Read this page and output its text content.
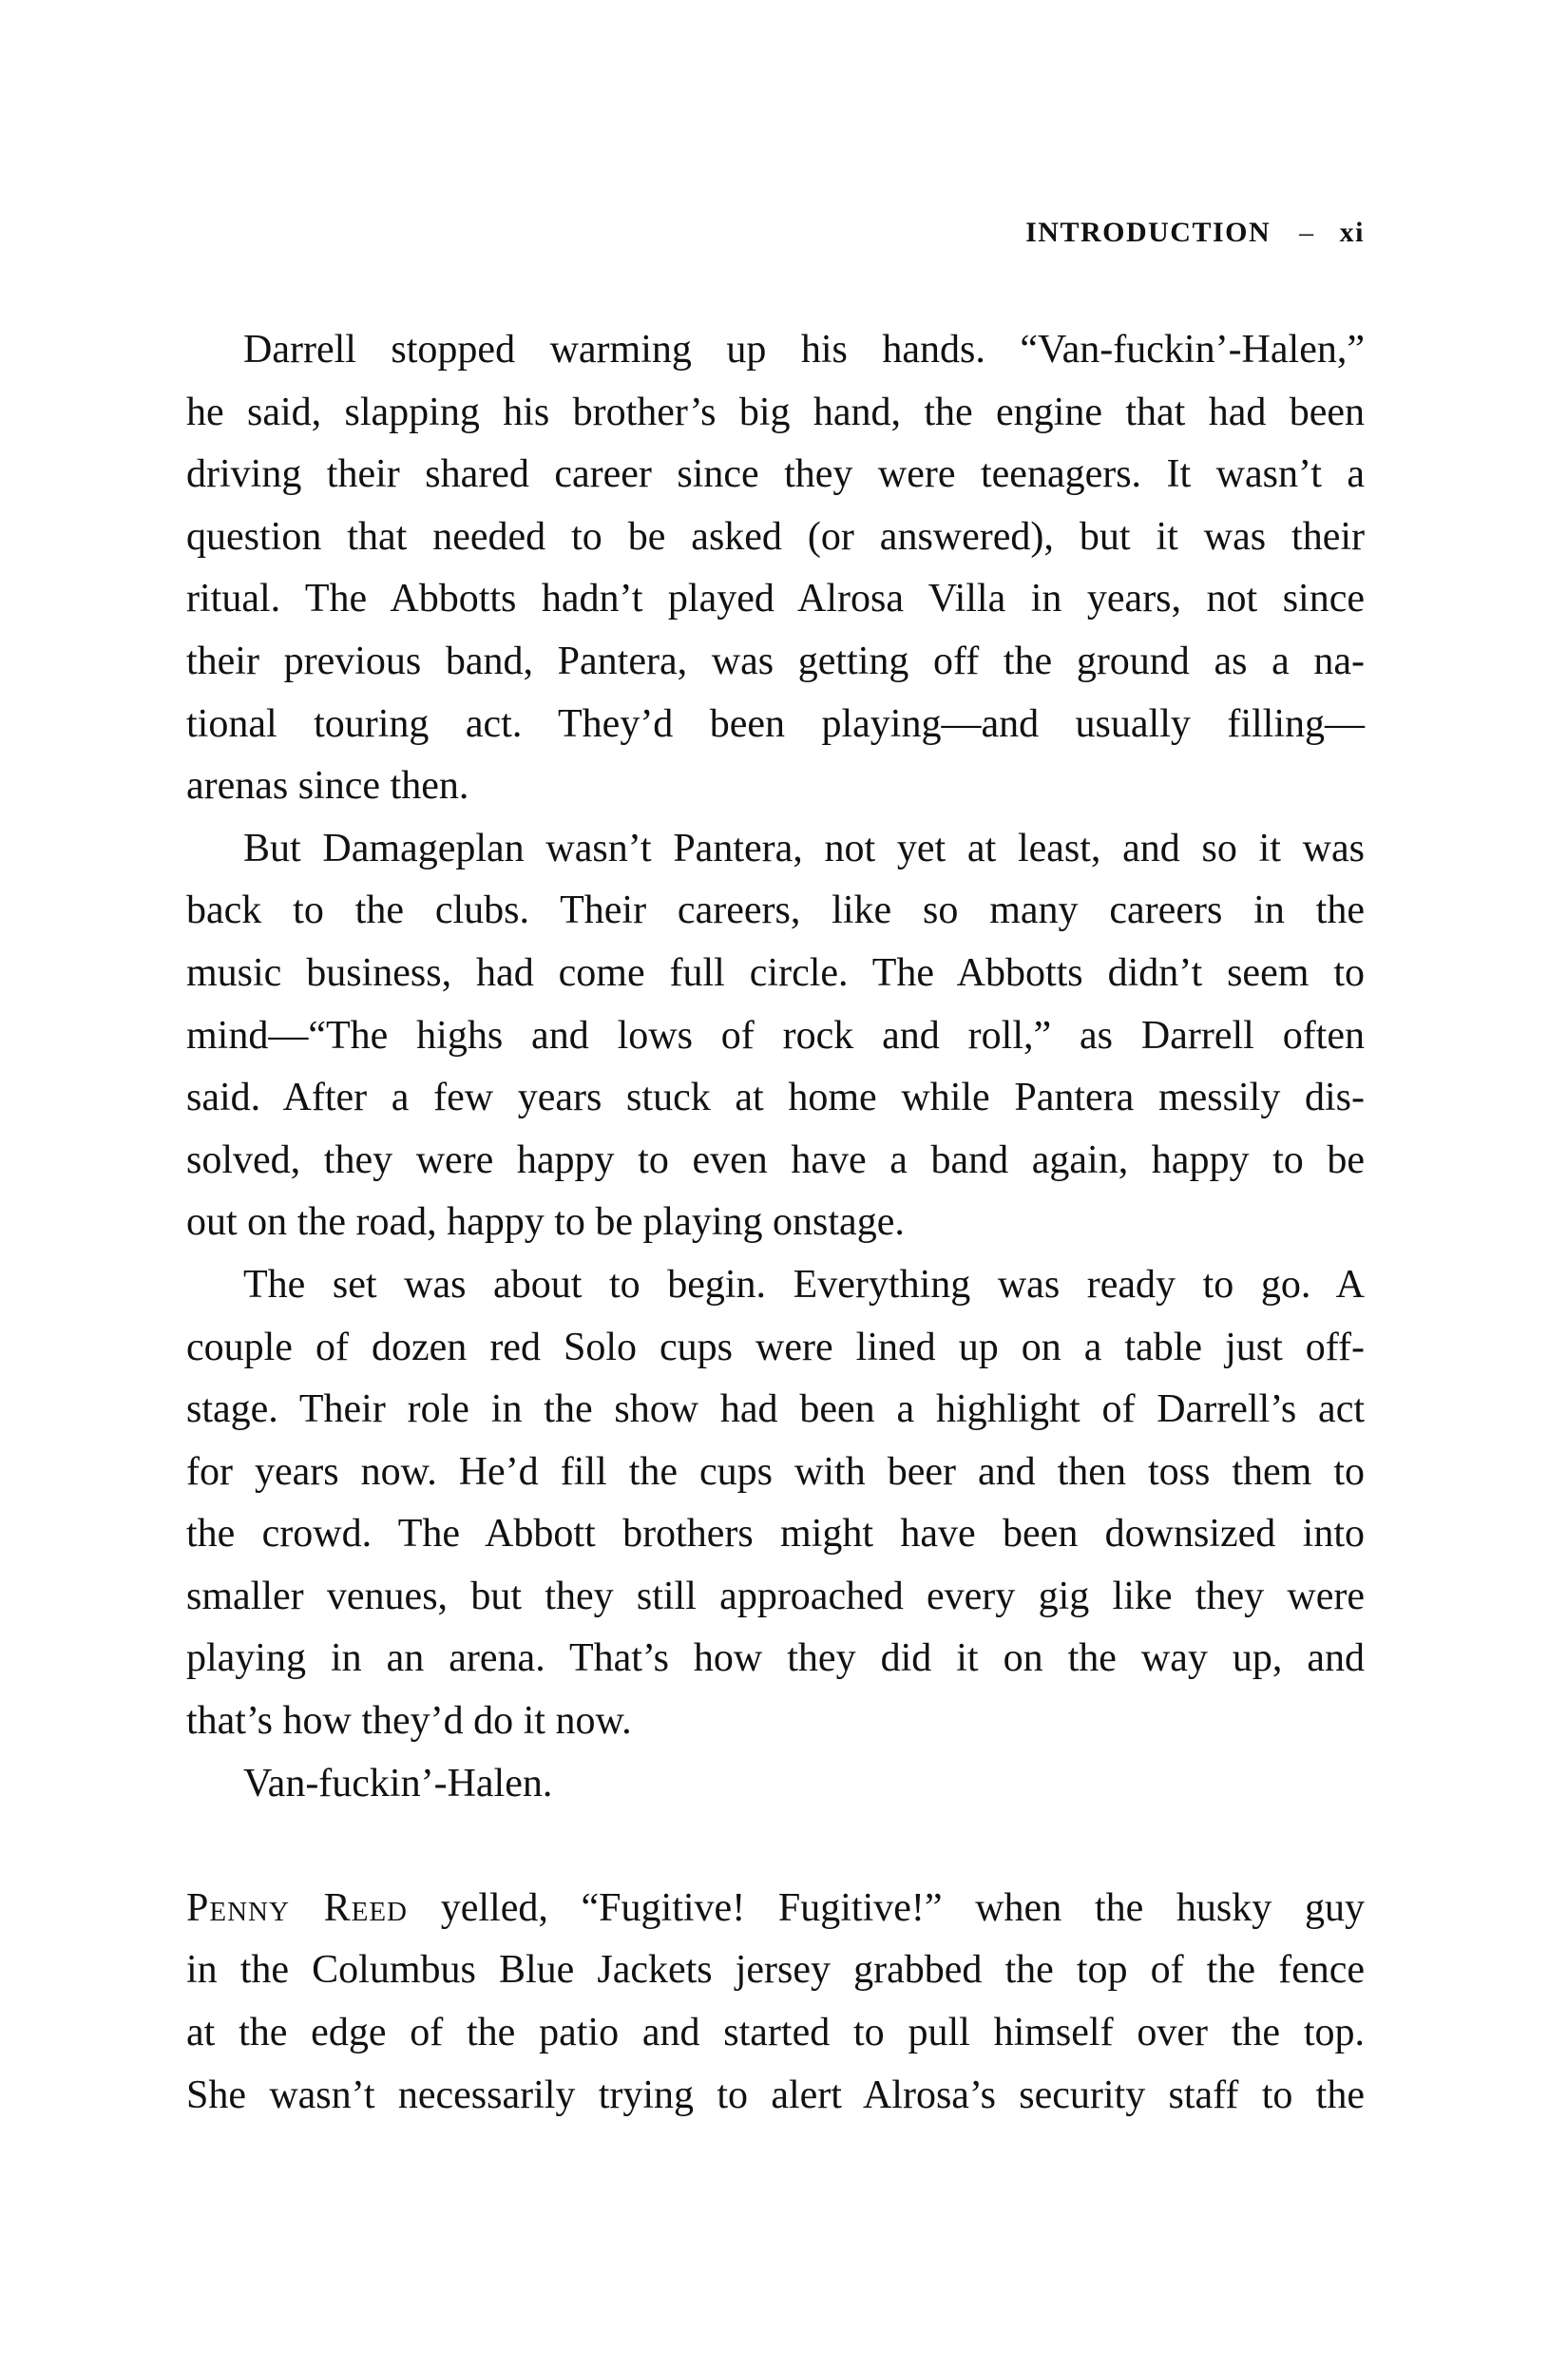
INTRODUCTION – xi
Darrell stopped warming up his hands. “Van-fuckin’-Halen,”
he said, slapping his brother’s big hand, the engine that had been
driving their shared career since they were teenagers. It wasn’t a
question that needed to be asked (or answered), but it was their
ritual. The Abbotts hadn’t played Alrosa Villa in years, not since
their previous band, Pantera, was getting off the ground as a na-
tional touring act. They’d been playing—and usually filling—
arenas since then.
But Damageplan wasn’t Pantera, not yet at least, and so it was
back to the clubs. Their careers, like so many careers in the
music business, had come full circle. The Abbotts didn’t seem to
mind—“The highs and lows of rock and roll,” as Darrell often
said. After a few years stuck at home while Pantera messily dis-
solved, they were happy to even have a band again, happy to be
out on the road, happy to be playing onstage.
The set was about to begin. Everything was ready to go. A
couple of dozen red Solo cups were lined up on a table just off-
stage. Their role in the show had been a highlight of Darrell’s act
for years now. He’d fill the cups with beer and then toss them to
the crowd. The Abbott brothers might have been downsized into
smaller venues, but they still approached every gig like they were
playing in an arena. That’s how they did it on the way up, and
that’s how they’d do it now.
Van-fuckin’-Halen.
Penny Reed yelled, “Fugitive! Fugitive!” when the husky guy
in the Columbus Blue Jackets jersey grabbed the top of the fence
at the edge of the patio and started to pull himself over the top.
She wasn’t necessarily trying to alert Alrosa’s security staff to the
